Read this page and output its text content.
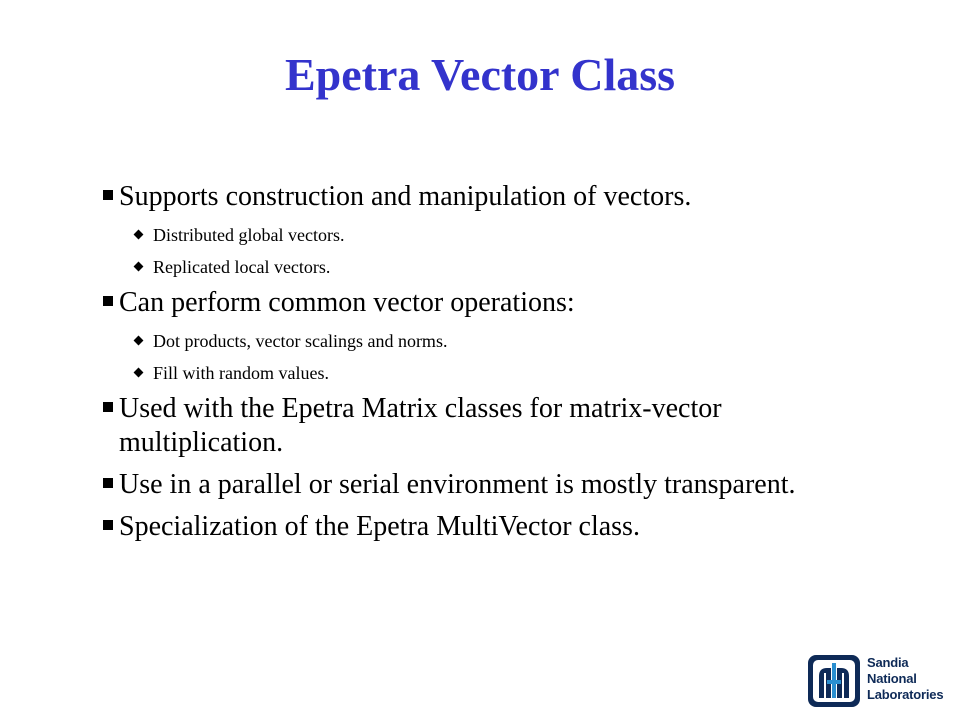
Epetra Vector Class
Supports construction and manipulation of vectors.
Distributed global vectors.
Replicated local vectors.
Can perform common vector operations:
Dot products, vector scalings and norms.
Fill with random values.
Used with the Epetra Matrix classes for matrix-vector multiplication.
Use in a parallel or serial environment is mostly transparent.
Specialization of the Epetra MultiVector class.
Sandia
National
Laboratories
